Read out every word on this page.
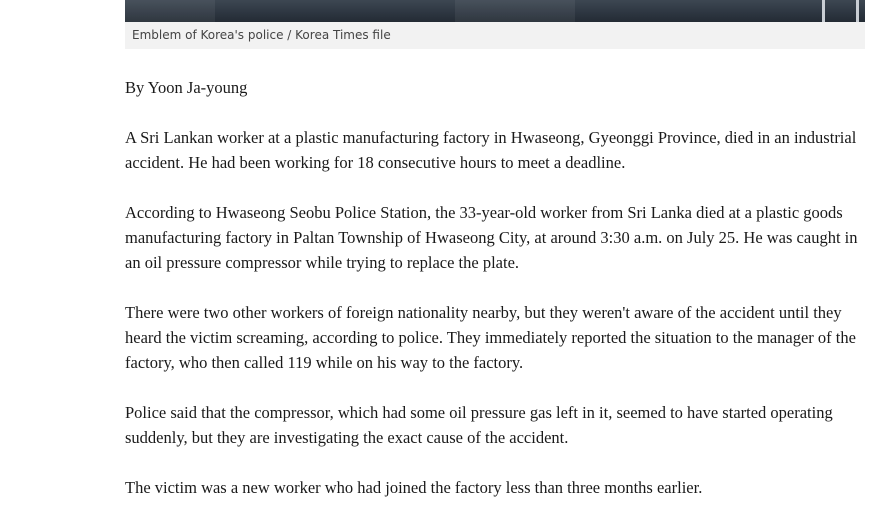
Emblem of Korea's police / Korea Times file

By Yoon Ja-young

A Sri Lankan worker at a plastic manufacturing factory in Hwaseong, Gyeonggi Province, died in an industrial accident. He had been working for 18 consecutive hours to meet a deadline.

According to Hwaseong Seobu Police Station, the 33-year-old worker from Sri Lanka died at a plastic goods manufacturing factory in Paltan Township of Hwaseong City, at around 3:30 a.m. on July 25. He was caught in an oil pressure compressor while trying to replace the plate.

There were two other workers of foreign nationality nearby, but they weren't aware of the accident until they heard the victim screaming, according to police. They immediately reported the situation to the manager of the factory, who then called 119 while on his way to the factory.

Police said that the compressor, which had some oil pressure gas left in it, seemed to have started operating suddenly, but they are investigating the exact cause of the accident.

The victim was a new worker who had joined the factory less than three months earlier.
